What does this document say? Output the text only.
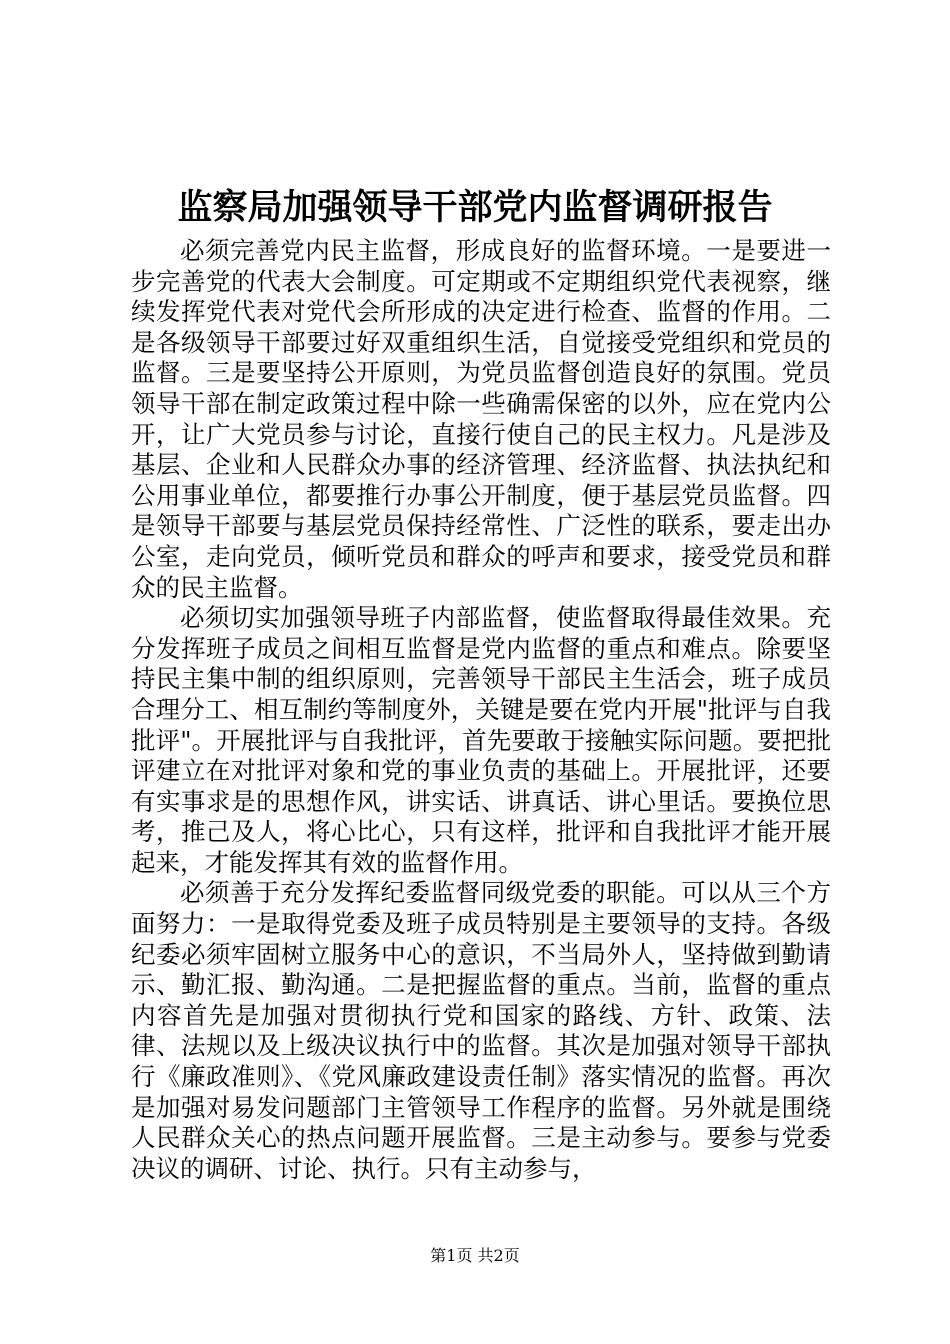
监察局加强领导干部党内监督调研报告

必须完善党内民主监督，形成良好的监督环境。一是要进一步完善党的代表大会制度。可定期或不定期组织党代表视察，继续发挥党代表对党代会所形成的决定进行检查、监督的作用。二是各级领导干部要过好双重组织生活，自觉接受党组织和党员的监督。三是要坚持公开原则，为党员监督创造良好的氛围。党员领导干部在制定政策过程中除一些确需保密的以外，应在党内公开，让广大党员参与讨论，直接行使自己的民主权力。凡是涉及基层、企业和人民群众办事的经济管理、经济监督、执法执纪和公用事业单位，都要推行办事公开制度，便于基层党员监督。四是领导干部要与基层党员保持经常性、广泛性的联系，要走出办公室，走向党员，倾听党员和群众的呼声和要求，接受党员和群众的民主监督。

必须切实加强领导班子内部监督，使监督取得最佳效果。充分发挥班子成员之间相互监督是党内监督的重点和难点。除要坚持民主集中制的组织原则，完善领导干部民主生活会，班子成员合理分工、相互制约等制度外，关键是要在党内开展"批评与自我批评"。开展批评与自我批评，首先要敢于接触实际问题。要把批评建立在对批评对象和党的事业负责的基础上。开展批评，还要有实事求是的思想作风，讲实话、讲真话、讲心里话。要换位思考，推己及人，将心比心，只有这样，批评和自我批评才能开展起来，才能发挥其有效的监督作用。

必须善于充分发挥纪委监督同级党委的职能。可以从三个方面努力：一是取得党委及班子成员特别是主要领导的支持。各级纪委必须牢固树立服务中心的意识，不当局外人，坚持做到勤请示、勤汇报、勤沟通。二是把握监督的重点。当前，监督的重点内容首先是加强对贯彻执行党和国家的路线、方针、政策、法律、法规以及上级决议执行中的监督。其次是加强对领导干部执行《廉政准则》、《党风廉政建设责任制》落实情况的监督。再次是加强对易发问题部门主管领导工作程序的监督。另外就是围绕人民群众关心的热点问题开展监督。三是主动参与。要参与党委决议的调研、讨论、执行。只有主动参与，

第1页 共2页
